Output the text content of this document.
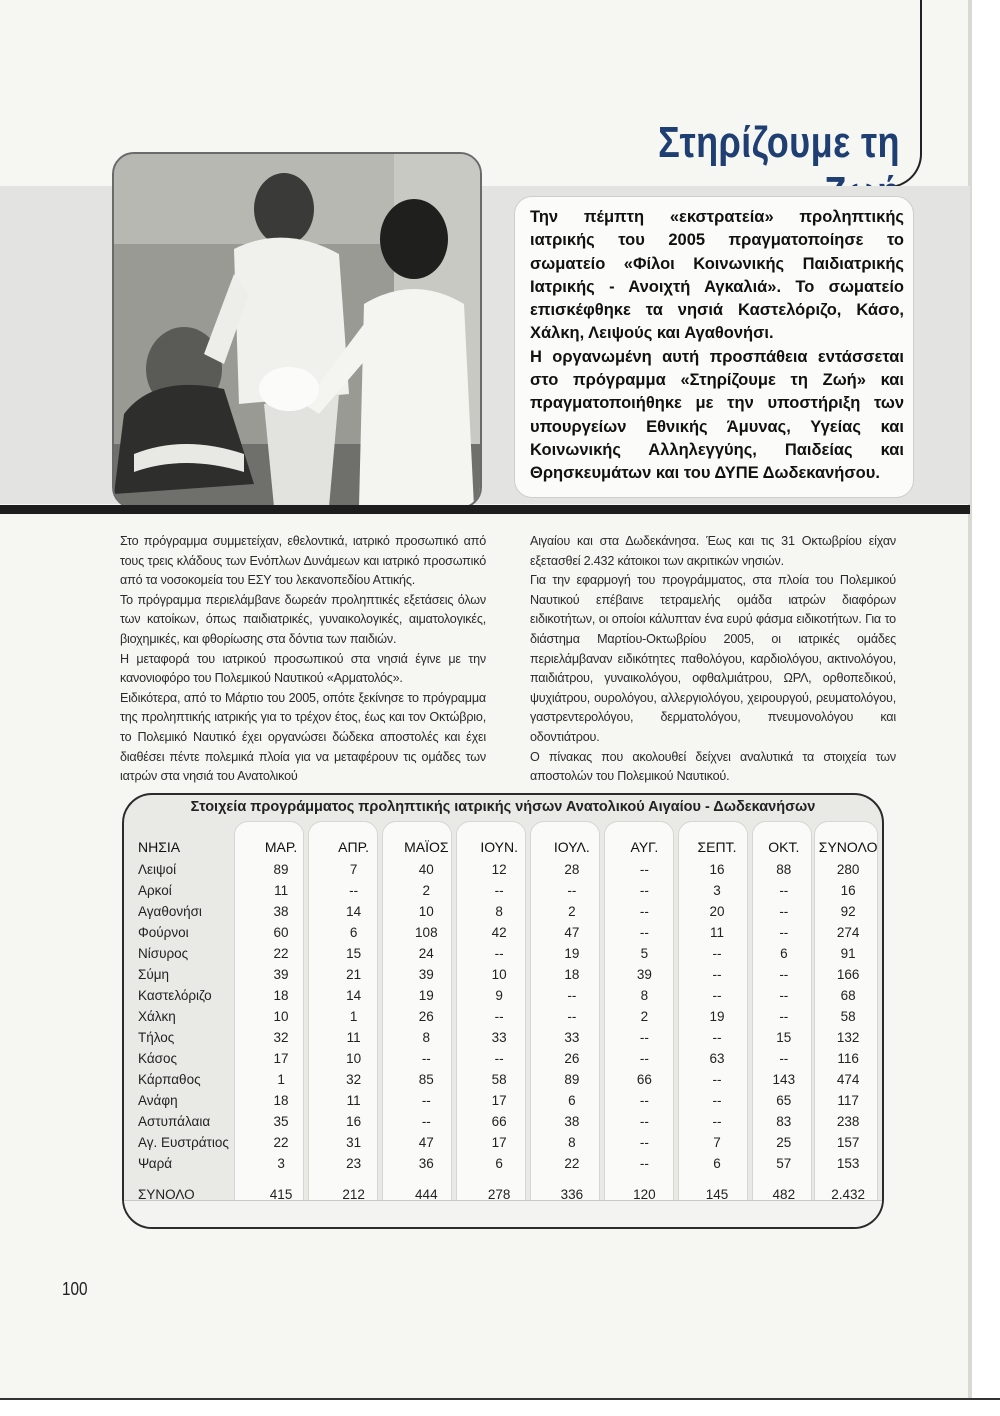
Στηρίζουμε τη

Την πέμπτη «εκστρατεία» προληπτικής ιατρικής του 2005 πραγματοποίησε το σωματείο «Φίλοι Κοινωνικής Παιδιατρικής Ιατρικής - Ανοιχτή Αγκαλιά». Το σωματείο επισκέφθηκε τα νησιά Καστελόριζο, Κάσο, Χάλκη, Λειψούς και Αγαθονήσι.

Η οργανωμένη αυτή προσπάθεια εντάσσεται στο πρόγραμμα «Στηρίζουμε τη Ζωή» και πραγματοποιήθηκε με την υποστήριξη των υπουργείων Εθνικής Άμυνας, Υγείας και Κοινωνικής Αλληλεγγύης, Παιδείας και Θρησκευμάτων και του ΔΥΠΕ Δωδεκανήσου.

Στο πρόγραμμα συμμετείχαν, εθελοντικά, ιατρικό προσωπικό από τους τρεις κλάδους των Ενόπλων Δυνάμεων και ιατρικό προσωπικό από τα νοσοκομεία του ΕΣΥ του λεκανοπεδίου Αττικής.

Το πρόγραμμα περιελάμβανε δωρεάν προληπτικές εξετάσεις όλων των κατοίκων, όπως παιδιατρικές, γυναικολογικές, αιματολογικές, βιοχημικές, και φθορίωσης στα δόντια των παιδιών.

Η μεταφορά του ιατρικού προσωπικού στα νησιά έγινε με την κανονιοφόρο του Πολεμικού Ναυτικού «Αρματολός».

Ειδικότερα, από το Μάρτιο του 2005, οπότε ξεκίνησε το πρόγραμμα της προληπτικής ιατρικής για το τρέχον έτος, έως και τον Οκτώβριο, το Πολεμικό Ναυτικό έχει οργανώσει δώδεκα αποστολές και έχει διαθέσει πέντε πολεμικά πλοία για να μεταφέρουν τις ομάδες των ιατρών στα νησιά του Ανατολικού

Αιγαίου και στα Δωδεκάνησα. Έως και τις 31 Οκτωβρίου είχαν εξετασθεί 2.432 κάτοικοι των ακριτικών νησιών.

Για την εφαρμογή του προγράμματος, στα πλοία του Πολεμικού Ναυτικού επέβαινε τετραμελής ομάδα ιατρών διαφόρων ειδικοτήτων, οι οποίοι κάλυπταν ένα ευρύ φάσμα ειδικοτήτων. Για το διάστημα Μαρτίου-Οκτωβρίου 2005, οι ιατρικές ομάδες περιελάμβαναν ειδικότητες παθολόγου, καρδιολόγου, ακτινολόγου, παιδιάτρου, γυναικολόγου, οφθαλμιάτρου, ΩΡΛ, ορθοπεδικού, ψυχιάτρου, ουρολόγου, αλλεργιολόγου, χειρουργού, ρευματολόγου, γαστρεντερολόγου, δερματολόγου, πνευμονολόγου και οδοντιάτρου.

Ο πίνακας που ακολουθεί δείχνει αναλυτικά τα στοιχεία των αποστολών του Πολεμικού Ναυτικού.

Στοιχεία προγράμματος προληπτικής ιατρικής νήσων Ανατολικού Αιγαίου - Δωδεκανήσων
ΝΗΣΙΑ	ΜΑΡ.	ΑΠΡ.	ΜΑΪΟΣ	ΙΟΥΝ.	ΙΟΥΛ.	ΑΥΓ.	ΣΕΠΤ.	ΟΚΤ.	ΣΥΝΟΛΟ
Λειψοί	89	7	40	12	28	--	16	88	280
Αρκοί	11	--	2	--	--	--	3	--	16
Αγαθονήσι	38	14	10	8	2	--	20	--	92
Φούρνοι	60	6	108	42	47	--	11	--	274
Νίσυρος	22	15	24	--	19	5	--	6	91
Σύμη	39	21	39	10	18	39	--	--	166
Καστελόριζο	18	14	19	9	--	8	--	--	68
Χάλκη	10	1	26	--	--	2	19	--	58
Τήλος	32	11	8	33	33	--	--	15	132
Κάσος	17	10	--	--	26	--	63	--	116
Κάρπαθος	1	32	85	58	89	66	--	143	474
Ανάφη	18	11	--	17	6	--	--	65	117
Αστυπάλαια	35	16	--	66	38	--	--	83	238
Αγ. Ευστράτιος	22	31	47	17	8	--	7	25	157
Ψαρά	3	23	36	6	22	--	6	57	153
ΣΥΝΟΛΟ	415	212	444	278	336	120	145	482	2.432
100
